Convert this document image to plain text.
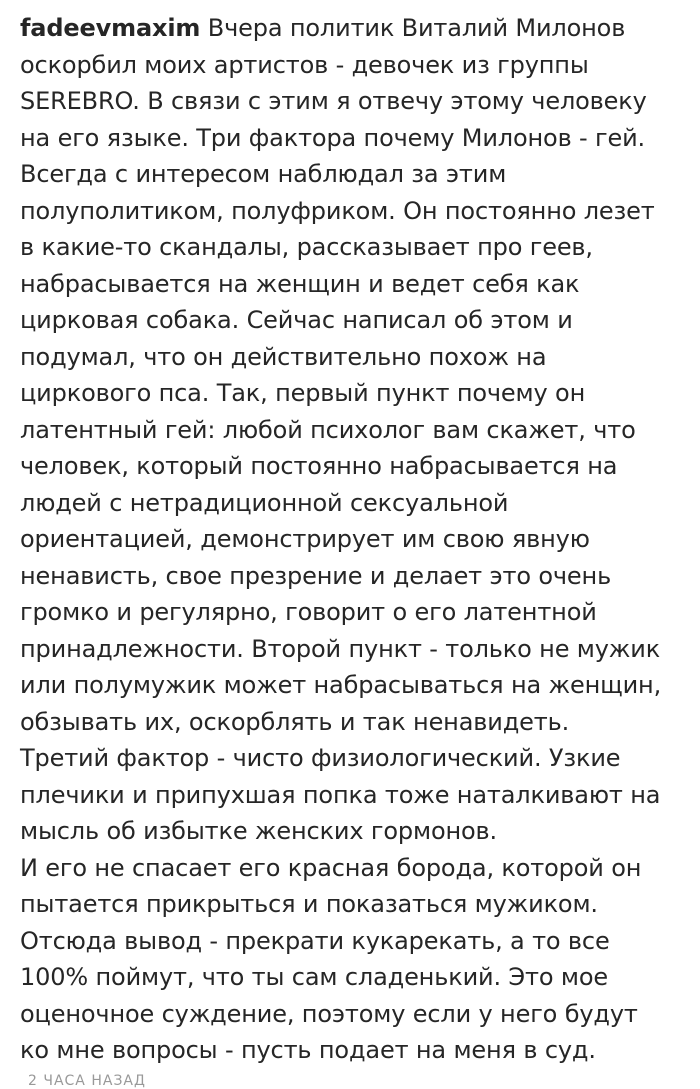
fadeevmaxim Вчера политик Виталий Милонов
оскорбил моих артистов - девочек из группы
SEREBRO. В связи с этим я отвечу этому человеку
на его языке. Три фактора почему Милонов - гей.
Всегда с интересом наблюдал за этим
полуполитиком, полуфриком. Он постоянно лезет
в какие-то скандалы, рассказывает про геев,
набрасывается на женщин и ведет себя как
цирковая собака. Сейчас написал об этом и
подумал, что он действительно похож на
циркового пса. Так, первый пункт почему он
латентный гей: любой психолог вам скажет, что
человек, который постоянно набрасывается на
людей с нетрадиционной сексуальной
ориентацией, демонстрирует им свою явную
ненависть, свое презрение и делает это очень
громко и регулярно, говорит о его латентной
принадлежности. Второй пункт - только не мужик
или полумужик может набрасываться на женщин,
обзывать их, оскорблять и так ненавидеть.
Третий фактор - чисто физиологический. Узкие
плечики и припухшая попка тоже наталкивают на
мысль об избытке женских гормонов.
И его не спасает его красная борода, которой он
пытается прикрыться и показаться мужиком.
Отсюда вывод - прекрати кукарекать, а то все
100% поймут, что ты сам сладенький. Это мое
оценочное суждение, поэтому если у него будут
ко мне вопросы - пусть подает на меня в суд.
2 ЧАСА НАЗАД
